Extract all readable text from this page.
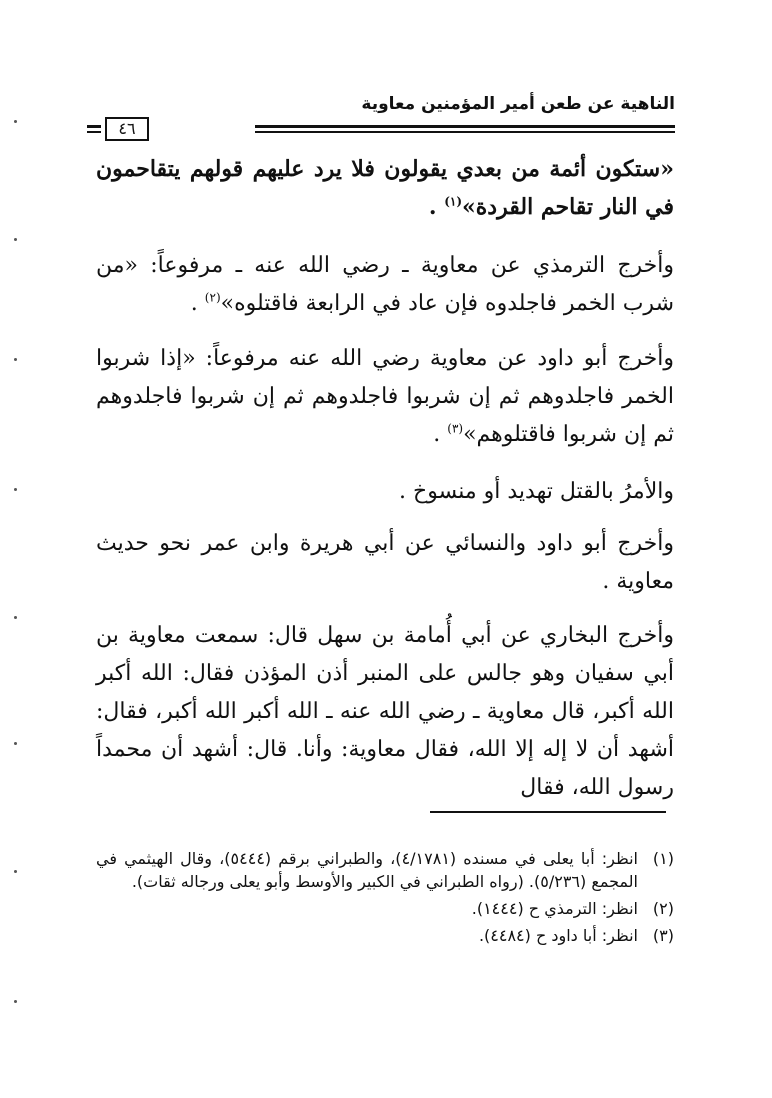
الناهية عن طعن أمير المؤمنين معاوية
٤٦
«ستكون أئمة من بعدي يقولون فلا يرد عليهم قولهم يتقاحمون في النار تقاحم القردة»$^{(١)}$ .
وأخرج الترمذي عن معاوية ـ رضي الله عنه ـ مرفوعاً: «من شرب الخمر فاجلدوه فإن عاد في الرابعة فاقتلوه»$^{(٢)}$ .
وأخرج أبو داود عن معاوية رضي الله عنه مرفوعاً: «إذا شربوا الخمر فاجلدوهم ثم إن شربوا فاجلدوهم ثم إن شربوا فاجلدوهم ثم إن شربوا فاقتلوهم»$^{(٣)}$ .
والأمرُ بالقتل تهديد أو منسوخ .
وأخرج أبو داود والنسائي عن أبي هريرة وابن عمر نحو حديث معاوية .
وأخرج البخاري عن أبي أُمامة بن سهل قال: سمعت معاوية بن أبي سفيان وهو جالس على المنبر أذن المؤذن فقال: الله أكبر الله أكبر، قال معاوية ـ رضي الله عنه ـ الله أكبر الله أكبر، فقال: أشهد أن لا إله إلا الله، فقال معاوية: وأنا. قال: أشهد أن محمداً رسول الله، فقال
(١)
انظر: أبا يعلى في مسنده (٤/١٧٨١)، والطبراني برقم (٥٤٤٤)، وقال الهيثمي في المجمع (٥/٢٣٦). (رواه الطبراني في الكبير والأوسط وأبو يعلى ورجاله ثقات).
(٢)
انظر: الترمذي ح (١٤٤٤).
(٣)
انظر: أبا داود ح (٤٤٨٤).
